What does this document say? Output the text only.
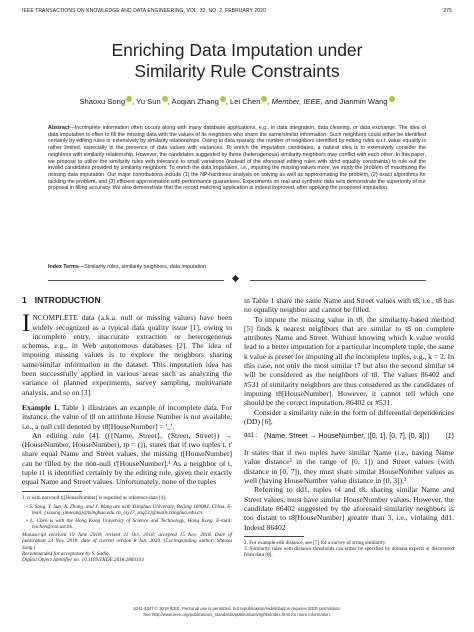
IEEE TRANSACTIONS ON KNOWLEDGE AND DATA ENGINEERING, VOL. 32, NO. 2, FEBRUARY 2020	275
Enriching Data Imputation under
Similarity Rule Constraints
Shaoxu Song , Yu Sun , Aoqian Zhang , Lei Chen , Member, IEEE, and Jianmin Wang
Abstract—Incomplete information often occurs along with many database applications, e.g., in data integration, data cleaning, or data exchange. The idea of data imputation is often to fill the missing data with the values of its neighbors who share the same/similar information. Such neighbors could either be identified certainly by editing rules or extensively by similarity relationships. Owing to data sparsity, the number of neighbors identified by editing rules w.r.t. value equality is rather limited, especially in the presence of data values with variances. To enrich the imputation candidates, a natural idea is to extensively consider the neighbors with similarity relationship. However, the candidates suggested by these (heterogenous) similarity neighbors may conflict with each other. In this paper, we propose to utilize the similarity rules with tolerance to small variations (instead of the aforesaid editing rules with strict equality constraints) to rule out the invalid candidates provided by similarity neighbors. To enrich the data imputation, i.e., imputing the missing values more, we study the problem of maximizing the missing data imputation. Our major contributions include (1) the NP-hardness analysis on solving as well as approximating the problem, (2) exact algorithms for tackling the problem, and (3) efficient approximation with performance guarantees. Experiments on real and synthetic data sets demonstrate the superiority of our proposal in filling accuracy. We also demonstrate that the record matching application is indeed improved, after applying the proposed imputation.
Index Terms—Similarity rules, similarity neighbors, data imputation
1 INTRODUCTION

INCOMPLETE data (a.k.a. null or missing values) have been widely recognized as a typical data quality issue [1], owing to incomplete entry, inaccurate extraction or heterogeneous schemas, e.g., in Web autonomous databases [2]. The idea of imputing missing values is to explore the neighbors sharing same/similar information in the dataset. This imputation idea has been successfully applied in various areas such as analyzing the variance of planned experiments, survey sampling, multivariate analysis, and so on [3].

Example 1. Table 1 illustrates an example of incomplete data. For instance, the value of t8 on attribute House Number is not available, i.e., a null cell denoted by t8[HouseNumber] = '_'.

An editing rule [4], (({Name, Street}, {Street, Street}) → (HouseNumber, HouseNumber), tp = ()), states that if two tuples t, t' share equal Name and Street values, the missing t[HouseNumber] can be filled by the non-null t'[HouseNumber].¹ As a neighbor of t, tuple t1 is identified certainly by the editing rule, given their exactly equal Name and Street values. Unfortunately, none of the tuples

1. ti with non-null tj[HouseNumber] is regarded as reference data [4].
• S. Song, Y. Sun, A. Zhang, and J. Wang are with Tsinghua University, Beijing 100084, China. E-mail: {sxsong, jimwang}@tsinghua.edu.cn, {sy17, zaq13}@mails.tsinghua.edu.cn.
• L. Chen is with the Hong Kong University of Science and Technology, Hong Kong. E-mail: leichen@cse.ust.hk.
Manuscript received 19 June 2018; revised 21 Oct. 2018; accepted 15 Nov. 2018. Date of publication 23 Nov. 2018; date of current version 8 Jan. 2020. (Corresponding author: Shaoxu Song.)
Recommended for acceptance by S. Sadiq.
Digital Object Identifier no. 10.1109/TKDE.2018.2883103

in Table 1 share the same Name and Street values with t8, i.e., t8 has no equality neighbor and cannot be filled.

To impute the missing value in t8, the similarity-based method [5] finds k nearest neighbors that are similar to t8 on complete attributes Name and Street. Without knowing which k value would lead to a better imputation for a particular incomplete tuple, the same k value is preset for imputing all the incomplete tuples, e.g., k = 2. In this case, not only the most similar t7 but also the second similar t4 will be considered as the neighbors of t8. The values 86402 and #531 of similarity neighbors are thus considered as the candidates of imputing t8[HouseNumber]. However, it cannot tell which one should be the correct imputation, 86402 or #531.

Consider a similarity rule in the form of differential dependencies (DD) [6],

dd1 : (Name, Street → HouseNumber, ⟨[0, 1], [0, 7], [0, 3]⟩) (1)

It states that if two tuples have similar Name (i.e., having Name value distance² in the range of [0, 1]) and Street values (with distance in [0, 7]), they must share similar HouseNumber values as well (having HouseNumber value distance in [0, 3]).³

Referring to dd1, tuples t4 and t8, sharing similar Name and Street values, must have similar HouseNumber values. However, the candidate 86402 suggested by the aforesaid similarity neighbors is too distant to t8[HouseNumber] greater than 3, i.e., violating dd1. Indeed 86402

2. For example edit distance, see [7] for a survey of string similarity.
3. Similarity rules with distance thresholds can either be specified by domain experts or discovered from data [8].
1041-4347 © 2018 IEEE. Personal use is permitted, but republication/redistribution requires IEEE permission.
See http://www.ieee.org/publications_standards/publications/rights/index.html for more information.
